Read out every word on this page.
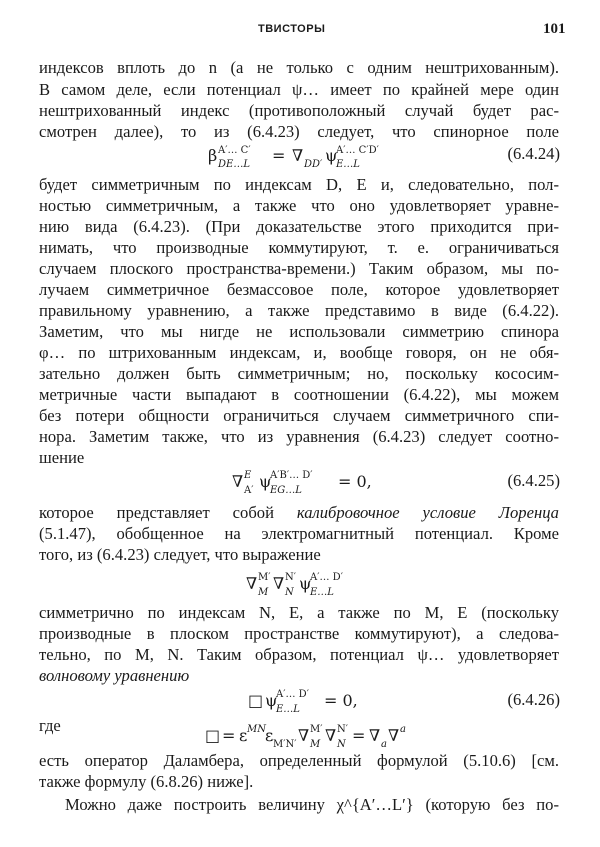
ТВИСТОРЫ	101
индексов вплоть до n (а не только с одним нештрихованным).
В самом деле, если потенциал ψ… имеет по крайней мере один
нештрихованный индекс (противоположный случай будет рас-
смотрен далее), то из (6.4.23) следует, что спинорное поле
β A′… C′
DE…L = ∇ DD′ ψ
A′… C′D′
E…L
(6.4.24)
будет симметричным по индексам D, E и, следовательно, пол-
ностью симметричным, а также что оно удовлетворяет уравне-
нию вида (6.4.23). (При доказательстве этого приходится при-
нимать, что производные коммутируют, т. е. ограничиваться
случаем плоского пространства-времени.) Таким образом, мы по-
лучаем симметричное безмассовое поле, которое удовлетворяет
правильному уравнению, а также представимо в виде (6.4.22).
Заметим, что мы нигде не использовали симметрию спинора
φ… по штрихованным индексам, и, вообще говоря, он не обя-
зательно должен быть симметричным; но, поскольку кососим-
метричные части выпадают в соотношении (6.4.22), мы можем
без потери общности ограничиться случаем симметричного спи-
нора. Заметим также, что из уравнения (6.4.23) следует соотно-
шение
∇ E
A′ ψ
A′B′… D′
EG…L = 0,	(6.4.25)
которое представляет собой калибровочное условие Лоренца
(5.1.47), обобщенное на электромагнитный потенциал. Кроме
того, из (6.4.23) следует, что выражение
∇ M′
M ∇ N′
N ψ
A′… D′
E…L
симметрично по индексам N, E, а также по M, E (поскольку
производные в плоском пространстве коммутируют), а следова-
тельно, по M, N. Таким образом, потенциал ψ… удовлетворяет
волновому уравнению
□ ψ
A′… D′
E…L = 0,	(6.4.26)
где
□ = ε MN ε M′N′ ∇ M′
M ∇ N′
N = ∇ a ∇ a
есть оператор Даламбера, определенный формулой (5.10.6) [см.
также формулу (6.8.26) ниже].
Можно даже построить величину χ^{A′…L′} (которую без по-
